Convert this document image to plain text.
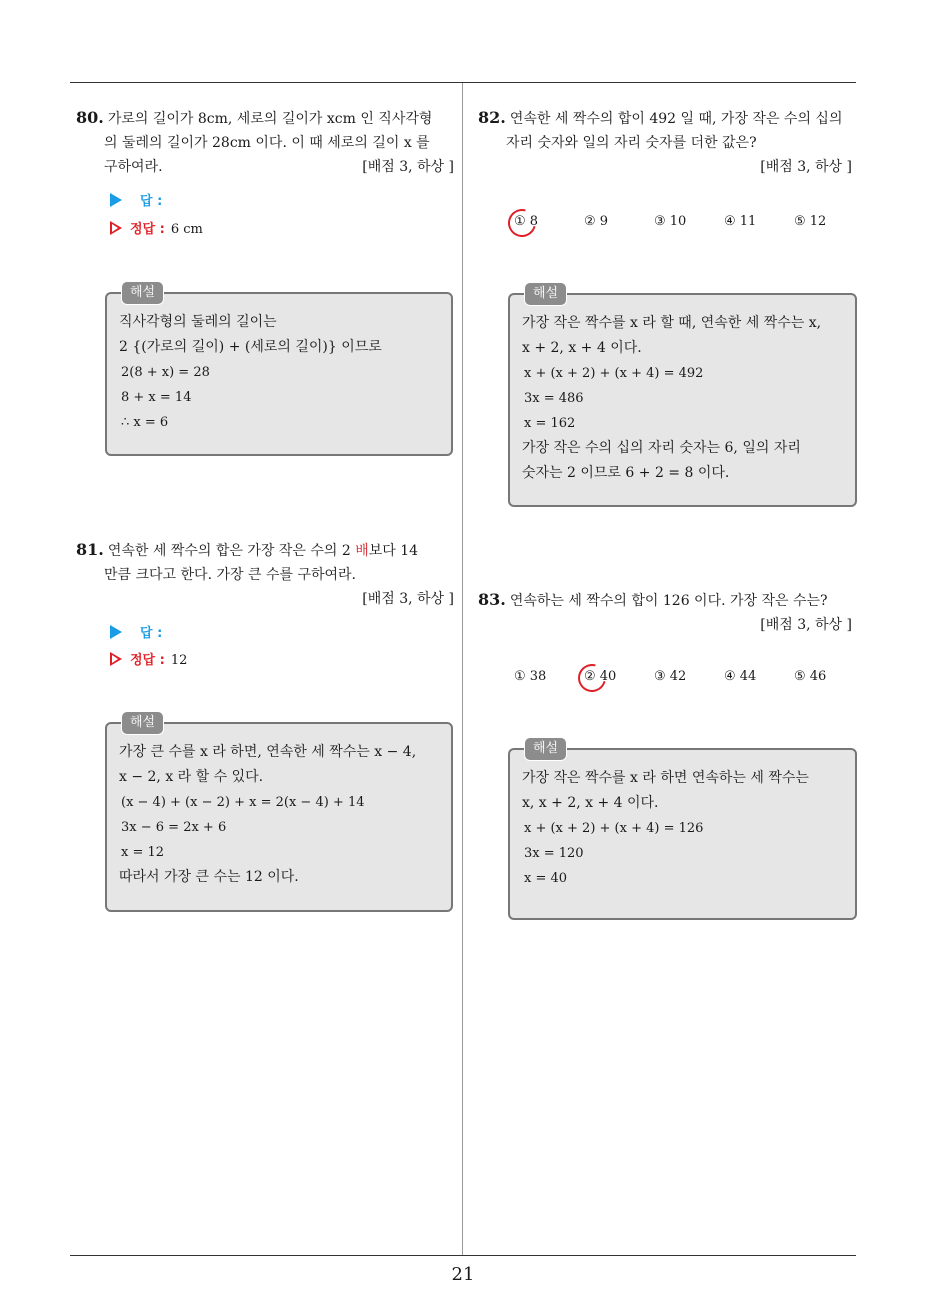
80. 가로의 길이가 8cm, 세로의 길이가 xcm 인 직사각형
의 둘레의 길이가 28cm 이다. 이 때 세로의 길이 x 를
구하여라.	[배점 3, 하상 ]
답 :
정답 : 6 cm
해설
직사각형의 둘레의 길이는
2 {(가로의 길이) + (세로의 길이)} 이므로
2(8 + x) = 28
8 + x = 14
∴ x = 6
81. 연속한 세 짝수의 합은 가장 작은 수의 2 배보다 14
만큼 크다고 한다. 가장 큰 수를 구하여라.
[배점 3, 하상 ]
답 :
정답 : 12
해설
가장 큰 수를 x 라 하면, 연속한 세 짝수는 x − 4,
x − 2, x 라 할 수 있다.
(x − 4) + (x − 2) + x = 2(x − 4) + 14
3x − 6 = 2x + 6
x = 12
따라서 가장 큰 수는 12 이다.
82. 연속한 세 짝수의 합이 492 일 때, 가장 작은 수의 십의
자리 숫자와 일의 자리 숫자를 더한 값은?
[배점 3, 하상 ]
① 8	② 9	③ 10	④ 11	⑤ 12
해설
가장 작은 짝수를 x 라 할 때, 연속한 세 짝수는 x,
x + 2, x + 4 이다.
x + (x + 2) + (x + 4) = 492
3x = 486
x = 162
가장 작은 수의 십의 자리 숫자는 6, 일의 자리
숫자는 2 이므로 6 + 2 = 8 이다.
83. 연속하는 세 짝수의 합이 126 이다. 가장 작은 수는?
[배점 3, 하상 ]
① 38	② 40	③ 42	④ 44	⑤ 46
해설
가장 작은 짝수를 x 라 하면 연속하는 세 짝수는
x, x + 2, x + 4 이다.
x + (x + 2) + (x + 4) = 126
3x = 120
x = 40
21
